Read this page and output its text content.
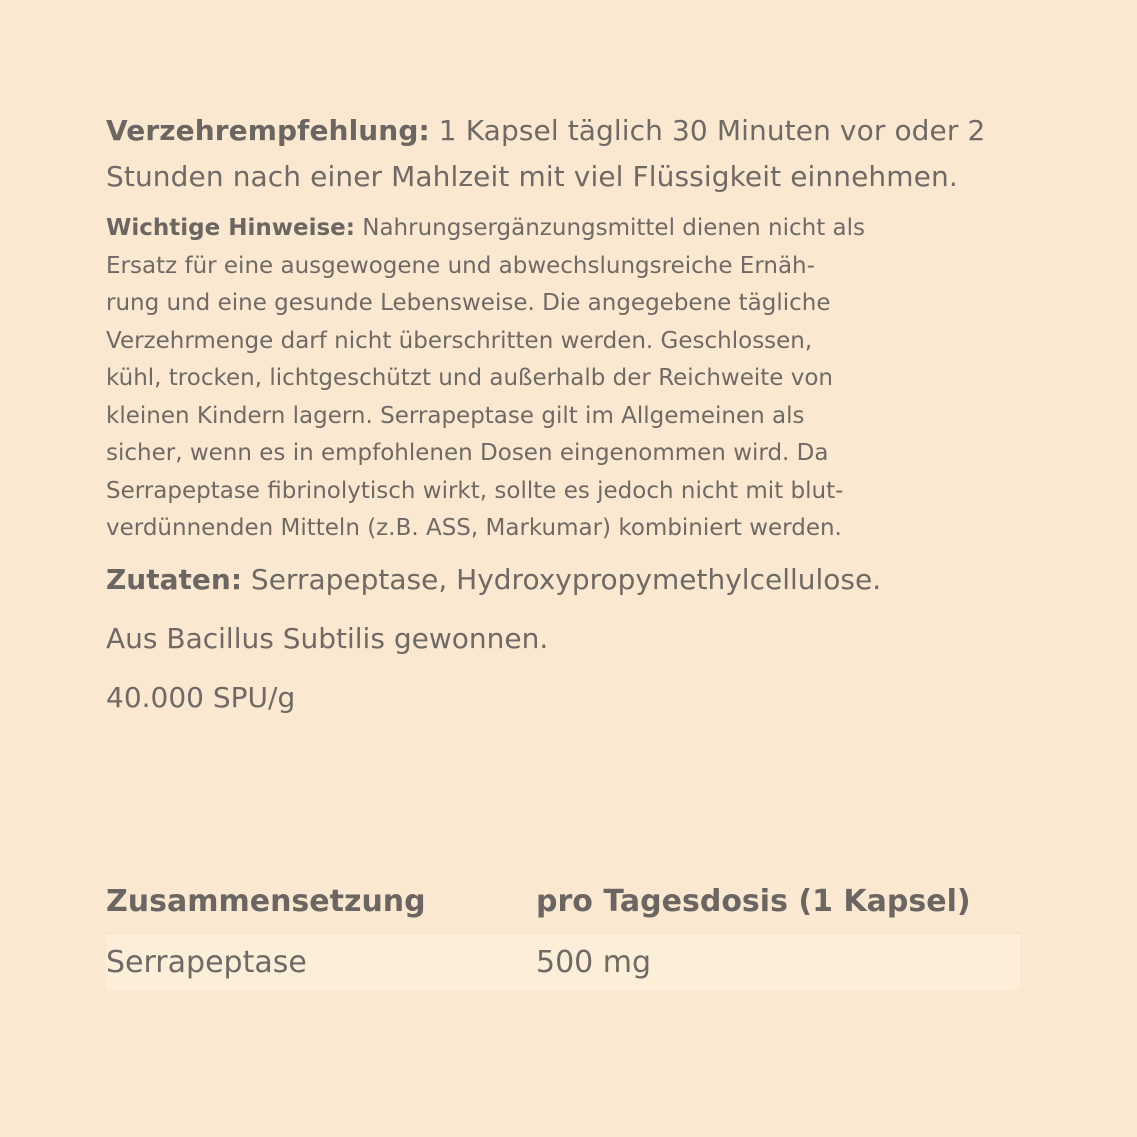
Verzehrempfehlung: 1 Kapsel täglich 30 Minuten vor oder 2 Stunden nach einer Mahlzeit mit viel Flüssigkeit einnehmen.

Wichtige Hinweise: Nahrungsergänzungsmittel dienen nicht als
Ersatz für eine ausgewogene und abwechslungsreiche Ernäh-
rung und eine gesunde Lebensweise. Die angegebene tägliche
Verzehrmenge darf nicht überschritten werden. Geschlossen,
kühl, trocken, lichtgeschützt und außerhalb der Reichweite von
kleinen Kindern lagern. Serrapeptase gilt im Allgemeinen als
sicher, wenn es in empfohlenen Dosen eingenommen wird. Da
Serrapeptase fibrinolytisch wirkt, sollte es jedoch nicht mit blut-
verdünnenden Mitteln (z.B. ASS, Markumar) kombiniert werden.

Zutaten: Serrapeptase, Hydroxypropymethylcellulose.

Aus Bacillus Subtilis gewonnen.

40.000 SPU/g

Zusammensetzung	pro Tagesdosis (1 Kapsel)
Serrapeptase	500 mg
